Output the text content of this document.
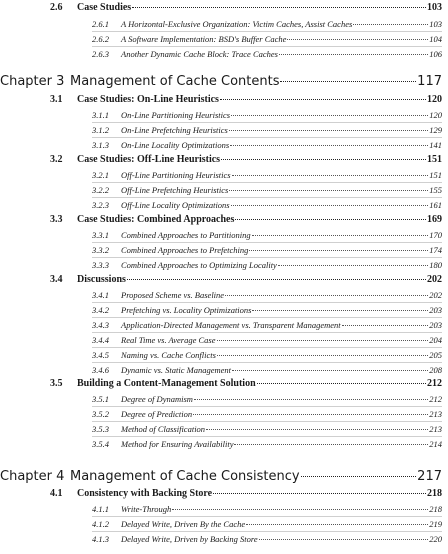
2.6	Case Studies	103
2.6.1	A Horizontal-Exclusive Organization: Victim Caches, Assist Caches	103
2.6.2	A Software Implementation: BSD's Buffer Cache	104
2.6.3	Another Dynamic Cache Block: Trace Caches	106
Chapter 3 Management of Cache Contents	117
3.1	Case Studies: On-Line Heuristics	120
3.1.1	On-Line Partitioning Heuristics	120
3.1.2	On-Line Prefetching Heuristics	129
3.1.3	On-Line Locality Optimizations	141
3.2	Case Studies: Off-Line Heuristics	151
3.2.1	Off-Line Partitioning Heuristics	151
3.2.2	Off-Line Prefetching Heuristics	155
3.2.3	Off-Line Locality Optimizations	161
3.3	Case Studies: Combined Approaches	169
3.3.1	Combined Approaches to Partitioning	170
3.3.2	Combined Approaches to Prefetching	174
3.3.3	Combined Approaches to Optimizing Locality	180
3.4	Discussions	202
3.4.1	Proposed Scheme vs. Baseline	202
3.4.2	Prefetching vs. Locality Optimizations	203
3.4.3	Application-Directed Management vs. Transparent Management	203
3.4.4	Real Time vs. Average Case	204
3.4.5	Naming vs. Cache Conflicts	205
3.4.6	Dynamic vs. Static Management	208
3.5	Building a Content-Management Solution	212
3.5.1	Degree of Dynamism	212
3.5.2	Degree of Prediction	213
3.5.3	Method of Classification	213
3.5.4	Method for Ensuring Availability	214
Chapter 4 Management of Cache Consistency	217
4.1	Consistency with Backing Store	218
4.1.1	Write-Through	218
4.1.2	Delayed Write, Driven By the Cache	219
4.1.3	Delayed Write, Driven by Backing Store	220
